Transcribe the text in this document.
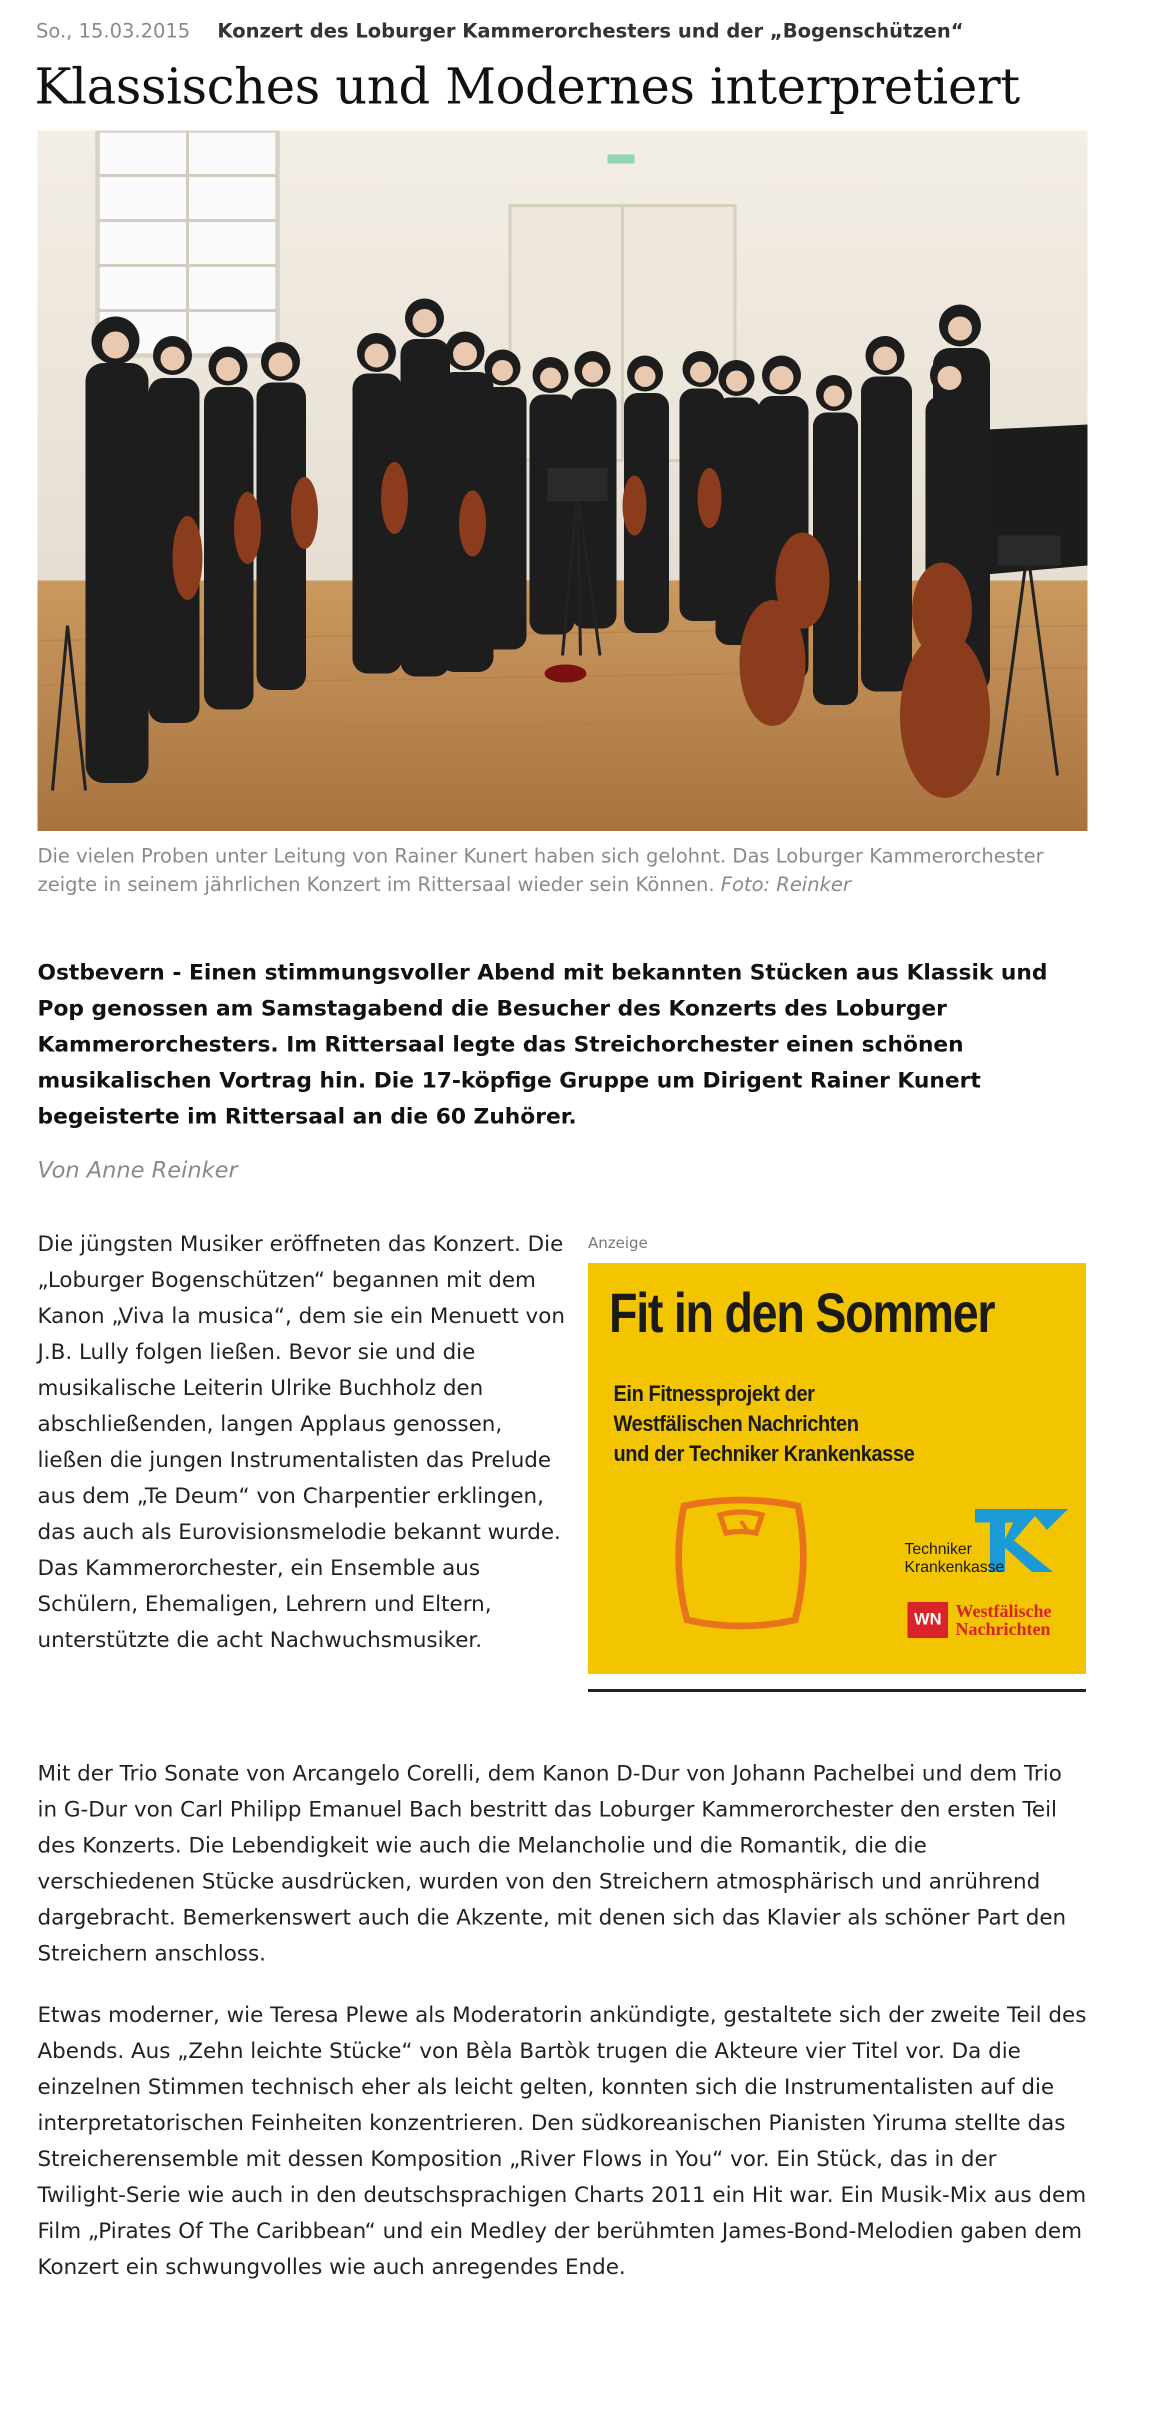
So., 15.03.2015 Konzert des Loburger Kammerorchesters und der „Bogenschützen“
Klassisches und Modernes interpretiert
Die vielen Proben unter Leitung von Rainer Kunert haben sich gelohnt. Das Loburger Kammerorchester zeigte in seinem jährlichen Konzert im Rittersaal wieder sein Können. Foto: Reinker

Ostbevern - Einen stimmungsvoller Abend mit bekannten Stücken aus Klassik und Pop genossen am Samstagabend die Besucher des Konzerts des Loburger Kammerorchesters. Im Rittersaal legte das Streichorchester einen schönen musikalischen Vortrag hin. Die 17-köpfige Gruppe um Dirigent Rainer Kunert begeisterte im Rittersaal an die 60 Zuhörer.

Von Anne Reinker

Die jüngsten Musiker eröffneten das Konzert. Die „Loburger Bogenschützen“ begannen mit dem Kanon „Viva la musica“, dem sie ein Menuett von J.B. Lully folgen ließen. Bevor sie und die musikalische Leiterin Ulrike Buchholz den abschließenden, langen Applaus genossen, ließen die jungen Instrumentalisten das Prelude aus dem „Te Deum“ von Charpentier erklingen, das auch als Eurovisionsmelodie bekannt wurde. Das Kammerorchester, ein Ensemble aus Schülern, Ehemaligen, Lehrern und Eltern, unterstützte die acht Nachwuchsmusiker.

Anzeige
Fit in den Sommer
Ein Fitnessprojekt der
Westfälischen Nachrichten
und der Techniker Krankenkasse
Techniker
Krankenkasse
WN	Westfälische
Nachrichten

Mit der Trio Sonate von Arcangelo Corelli, dem Kanon D-Dur von Johann Pachelbei und dem Trio in G-Dur von Carl Philipp Emanuel Bach bestritt das Loburger Kammerorchester den ersten Teil des Konzerts. Die Lebendigkeit wie auch die Melancholie und die Romantik, die die verschiedenen Stücke ausdrücken, wurden von den Streichern atmosphärisch und anrührend dargebracht. Bemerkenswert auch die Akzente, mit denen sich das Klavier als schöner Part den Streichern anschloss.

Etwas moderner, wie Teresa Plewe als Moderatorin ankündigte, gestaltete sich der zweite Teil des Abends. Aus „Zehn leichte Stücke“ von Bèla Bartòk trugen die Akteure vier Titel vor. Da die einzelnen Stimmen technisch eher als leicht gelten, konnten sich die Instrumentalisten auf die interpretatorischen Feinheiten konzentrieren. Den südkoreanischen Pianisten Yiruma stellte das Streicherensemble mit dessen Komposition „River Flows in You“ vor. Ein Stück, das in der Twilight-Serie wie auch in den deutschsprachigen Charts 2011 ein Hit war. Ein Musik-Mix aus dem Film „Pirates Of The Caribbean“ und ein Medley der berühmten James-Bond-Melodien gaben dem Konzert ein schwungvolles wie auch anregendes Ende.
